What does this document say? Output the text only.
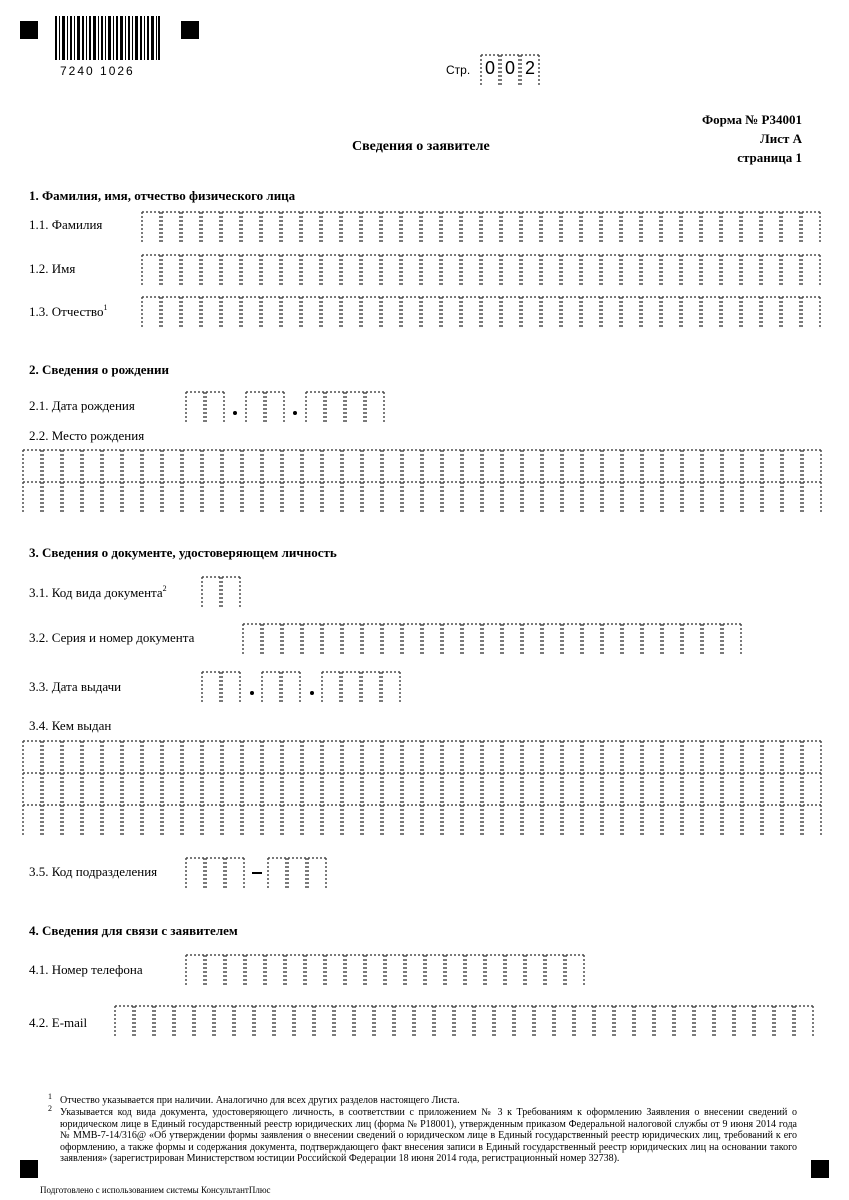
7240 1026	Стр. 0 0 2
Форма № Р34001
Лист А
страница 1
Сведения о заявителе
1. Фамилия, имя, отчество физического лица
1.1. Фамилия
1.2. Имя
1.3. Отчество$^1$
2. Сведения о рождении
2.1. Дата рождения
2.2. Место рождения
3. Сведения о документе, удостоверяющем личность
3.1. Код вида документа$^2$
3.2. Серия и номер документа
3.3. Дата выдачи
3.4. Кем выдан
3.5. Код подразделения
4. Сведения для связи с заявителем
4.1. Номер телефона
4.2. E-mail
1 Отчество указывается при наличии. Аналогично для всех других разделов настоящего Листа.
2 Указывается код вида документа, удостоверяющего личность, в соответствии с приложением № 3 к Требованиям к оформлению Заявления о внесении сведений о юридическом лице в Единый государственный реестр юридических лиц (форма № Р18001), утвержденным приказом Федеральной налоговой службы от 9 июня 2014 года № ММВ-7-14/316@ «Об утверждении формы заявления о внесении сведений о юридическом лице в Единый государственный реестр юридических лиц, требований к его оформлению, а также формы и содержания документа, подтверждающего факт внесения записи в Единый государственный реестр юридических лиц на основании такого заявления» (зарегистрирован Министерством юстиции Российской Федерации 18 июня 2014 года, регистрационный номер 32738).
Подготовлено с использованием системы КонсультантПлюс
